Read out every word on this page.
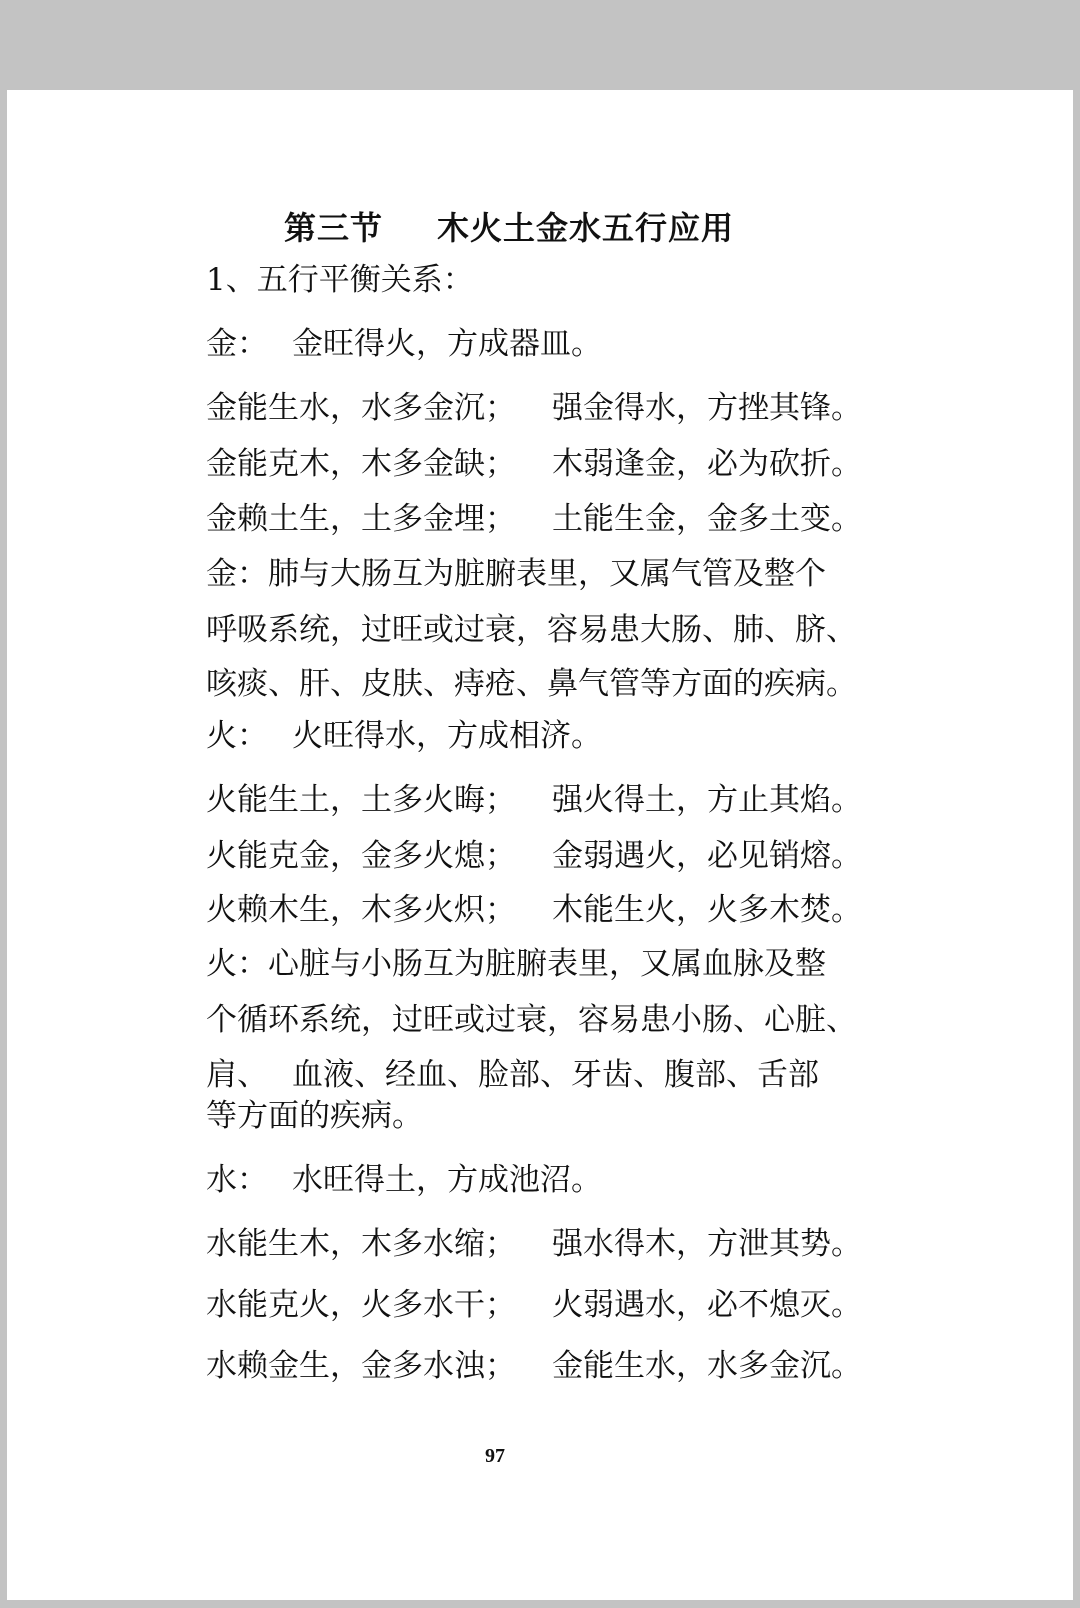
第三节 木火土金水五行应用
1、五行平衡关系：
金： 金旺得火，方成器皿。
金能生水，水多金沉； 强金得水，方挫其锋。
金能克木，木多金缺； 木弱逢金，必为砍折。
金赖土生，土多金埋； 土能生金，金多土变。
金：肺与大肠互为脏腑表里，又属气管及整个
呼吸系统，过旺或过衰，容易患大肠、肺、脐、
咳痰、肝、皮肤、痔疮、鼻气管等方面的疾病。
火： 火旺得水，方成相济。
火能生土，土多火晦； 强火得土，方止其焰。
火能克金，金多火熄； 金弱遇火，必见销熔。
火赖木生，木多火炽； 木能生火，火多木焚。
火：心脏与小肠互为脏腑表里，又属血脉及整
个循环系统，过旺或过衰，容易患小肠、心脏、
肩、 血液、经血、脸部、牙齿、腹部、舌部
等方面的疾病。
水： 水旺得土，方成池沼。
水能生木，木多水缩； 强水得木，方泄其势。
水能克火，火多水干； 火弱遇水，必不熄灭。
水赖金生，金多水浊； 金能生水，水多金沉。
97
